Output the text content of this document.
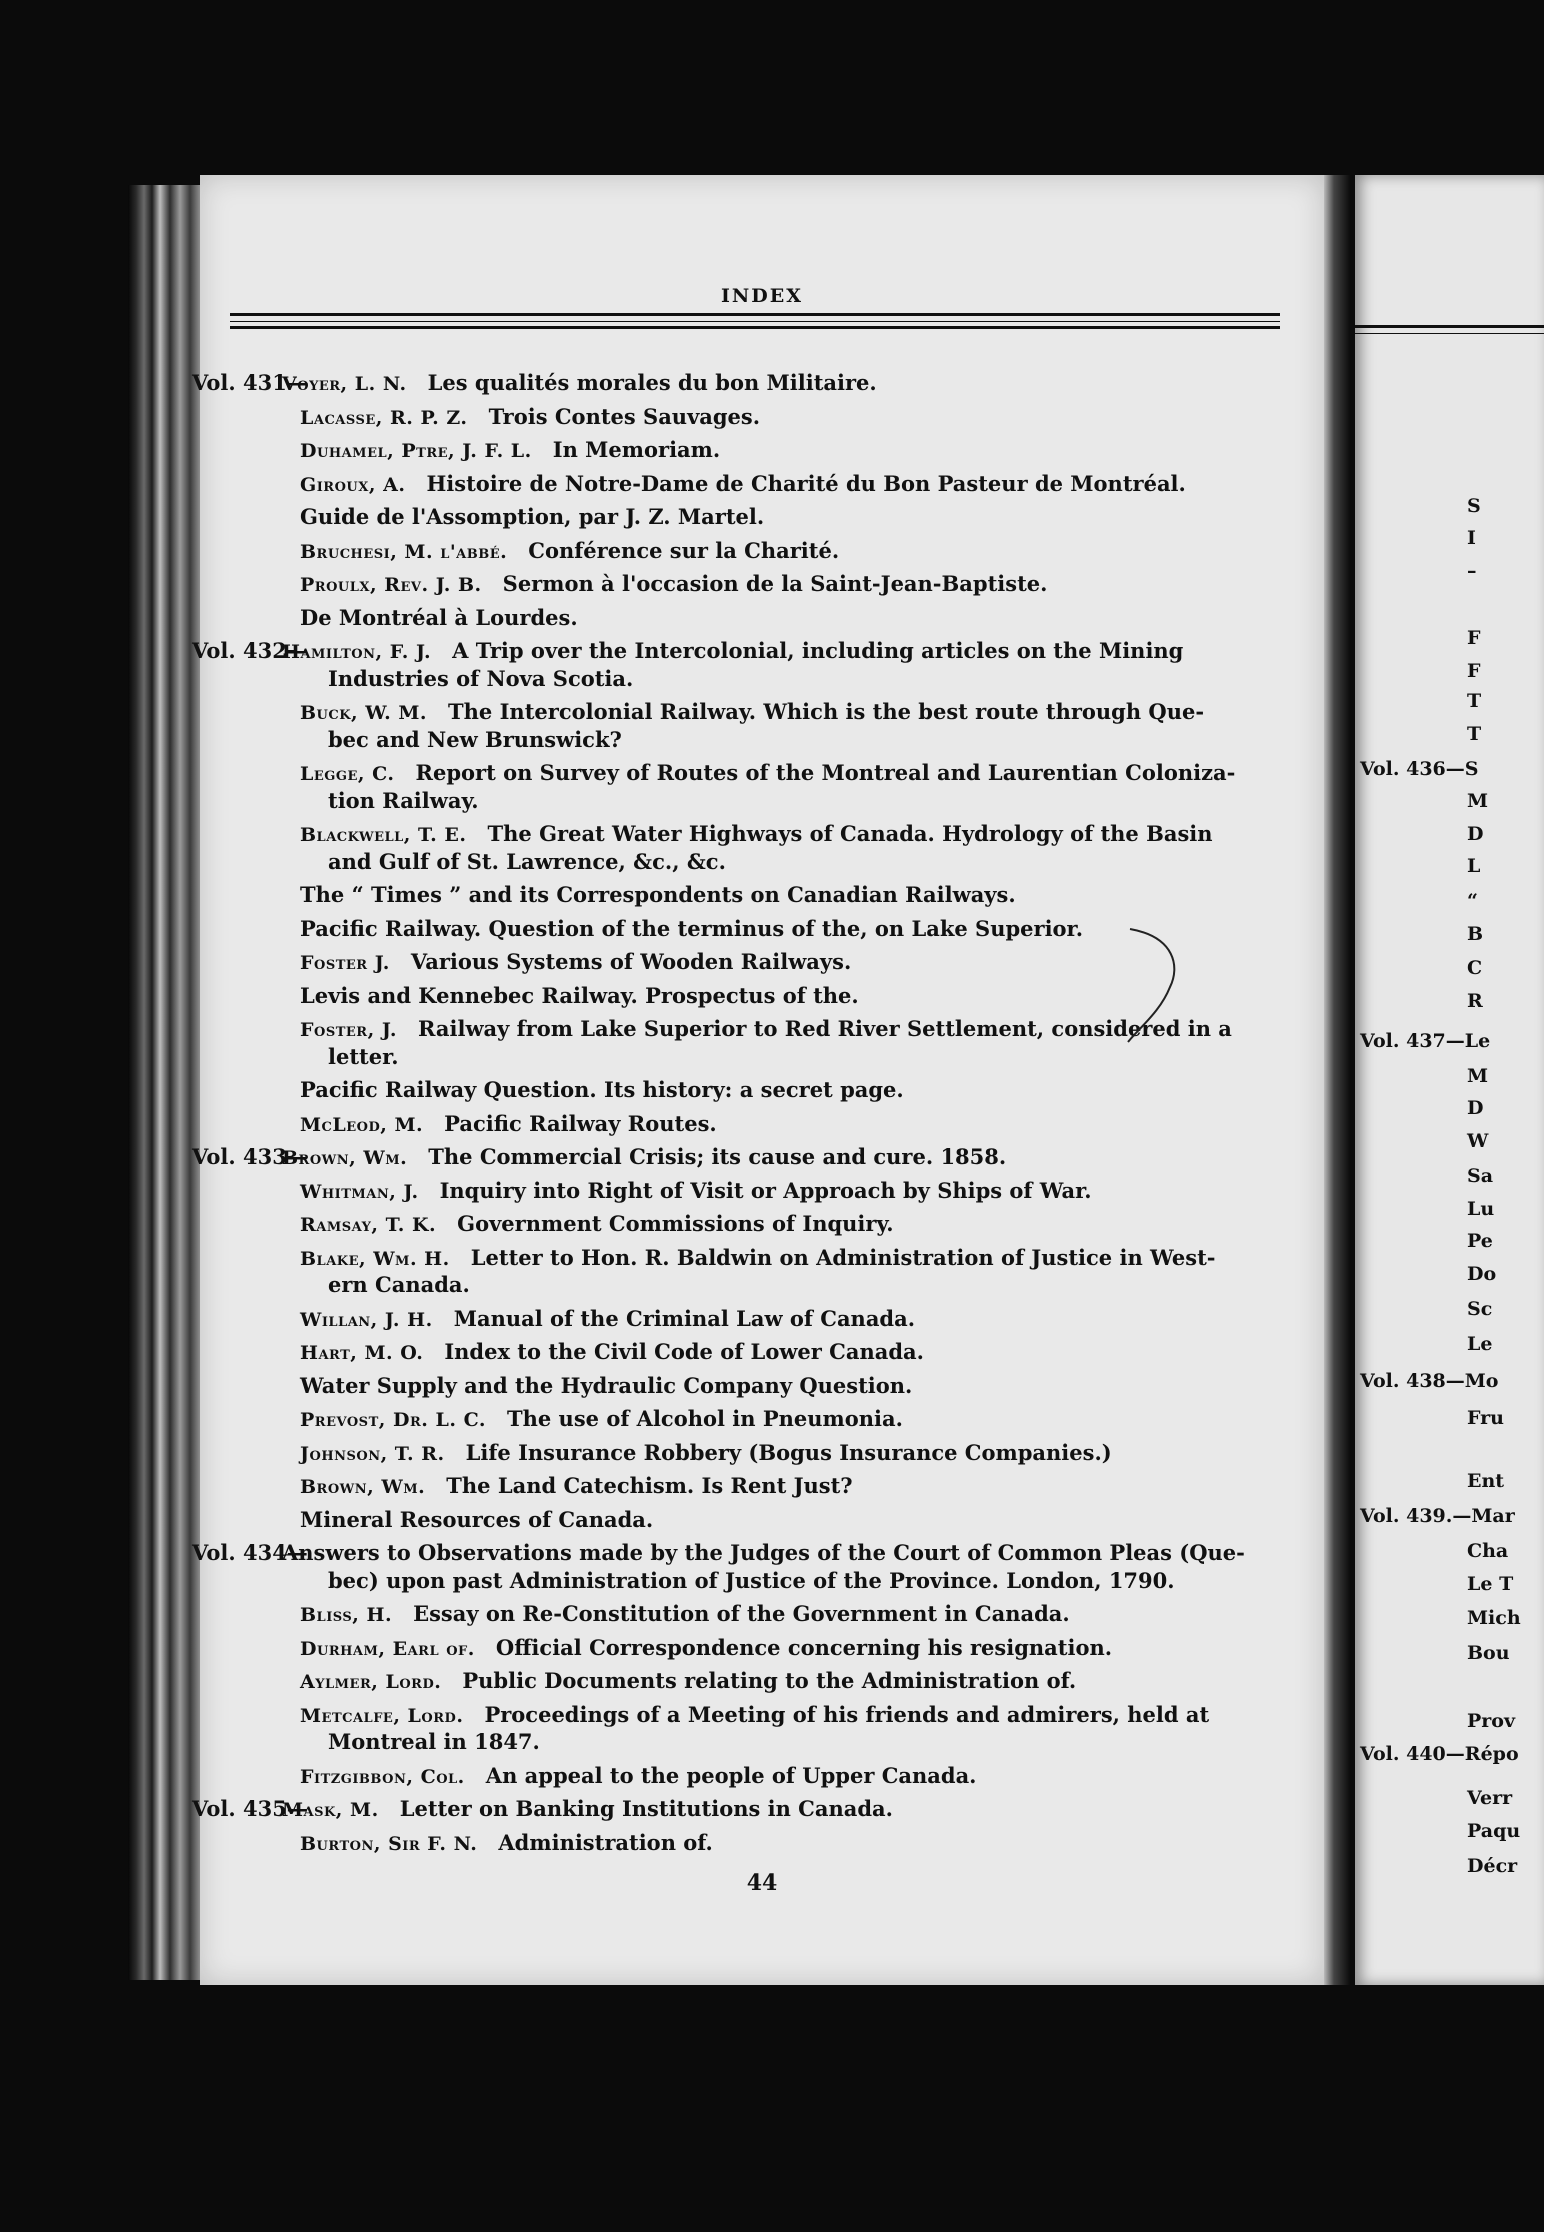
INDEX
Vol. 431—
Voyer, L. N.  Les qualités morales du bon Militaire.
Lacasse, R. P. Z.  Trois Contes Sauvages.
Duhamel, Ptre, J. F. L.  In Memoriam.
Giroux, A.  Histoire de Notre-Dame de Charité du Bon Pasteur de Montréal.
Guide de l'Assomption, par J. Z. Martel.
Bruchesi, M. l'abbé.  Conférence sur la Charité.
Proulx, Rev. J. B.  Sermon à l'occasion de la Saint-Jean-Baptiste.
De Montréal à Lourdes.
Vol. 432—
Hamilton, F. J.  A Trip over the Intercolonial, including articles on the Mining
Industries of Nova Scotia.
Buck, W. M.  The Intercolonial Railway. Which is the best route through Que-
bec and New Brunswick?
Legge, C.  Report on Survey of Routes of the Montreal and Laurentian Coloniza-
tion Railway.
Blackwell, T. E.  The Great Water Highways of Canada. Hydrology of the Basin
and Gulf of St. Lawrence, &c., &c.
The “ Times ” and its Correspondents on Canadian Railways.
Pacific Railway. Question of the terminus of the, on Lake Superior.
Foster J.  Various Systems of Wooden Railways.
Levis and Kennebec Railway. Prospectus of the.
Foster, J.  Railway from Lake Superior to Red River Settlement, considered in a
letter.
Pacific Railway Question. Its history: a secret page.
McLeod, M.  Pacific Railway Routes.
Vol. 433—
Brown, Wm.  The Commercial Crisis; its cause and cure. 1858.
Whitman, J.  Inquiry into Right of Visit or Approach by Ships of War.
Ramsay, T. K.  Government Commissions of Inquiry.
Blake, Wm. H.  Letter to Hon. R. Baldwin on Administration of Justice in West-
ern Canada.
Willan, J. H.  Manual of the Criminal Law of Canada.
Hart, M. O.  Index to the Civil Code of Lower Canada.
Water Supply and the Hydraulic Company Question.
Prevost, Dr. L. C.  The use of Alcohol in Pneumonia.
Johnson, T. R.  Life Insurance Robbery (Bogus Insurance Companies.)
Brown, Wm.  The Land Catechism. Is Rent Just?
Mineral Resources of Canada.
Vol. 434—
Answers to Observations made by the Judges of the Court of Common Pleas (Que-
bec) upon past Administration of Justice of the Province. London, 1790.
Bliss, H.  Essay on Re-Constitution of the Government in Canada.
Durham, Earl of.  Official Correspondence concerning his resignation.
Aylmer, Lord.  Public Documents relating to the Administration of.
Metcalfe, Lord.  Proceedings of a Meeting of his friends and admirers, held at
Montreal in 1847.
Fitzgibbon, Col.  An appeal to the people of Upper Canada.
Vol. 435—
Mask, M.  Letter on Banking Institutions in Canada.
Burton, Sir F. N.  Administration of.
44
S
I
–
F
F
T
T
Vol. 436—S
M
D
L
“
B
C
R
Vol. 437—Le
M
D
W
Sa
Lu
Pe
Do
Sc
Le
Vol. 438—Mo
Fru
Ent
Vol. 439.—Mar
Cha
Le T
Mich
Bou
Prov
Vol. 440—Répo
Verr
Paqu
Décr
